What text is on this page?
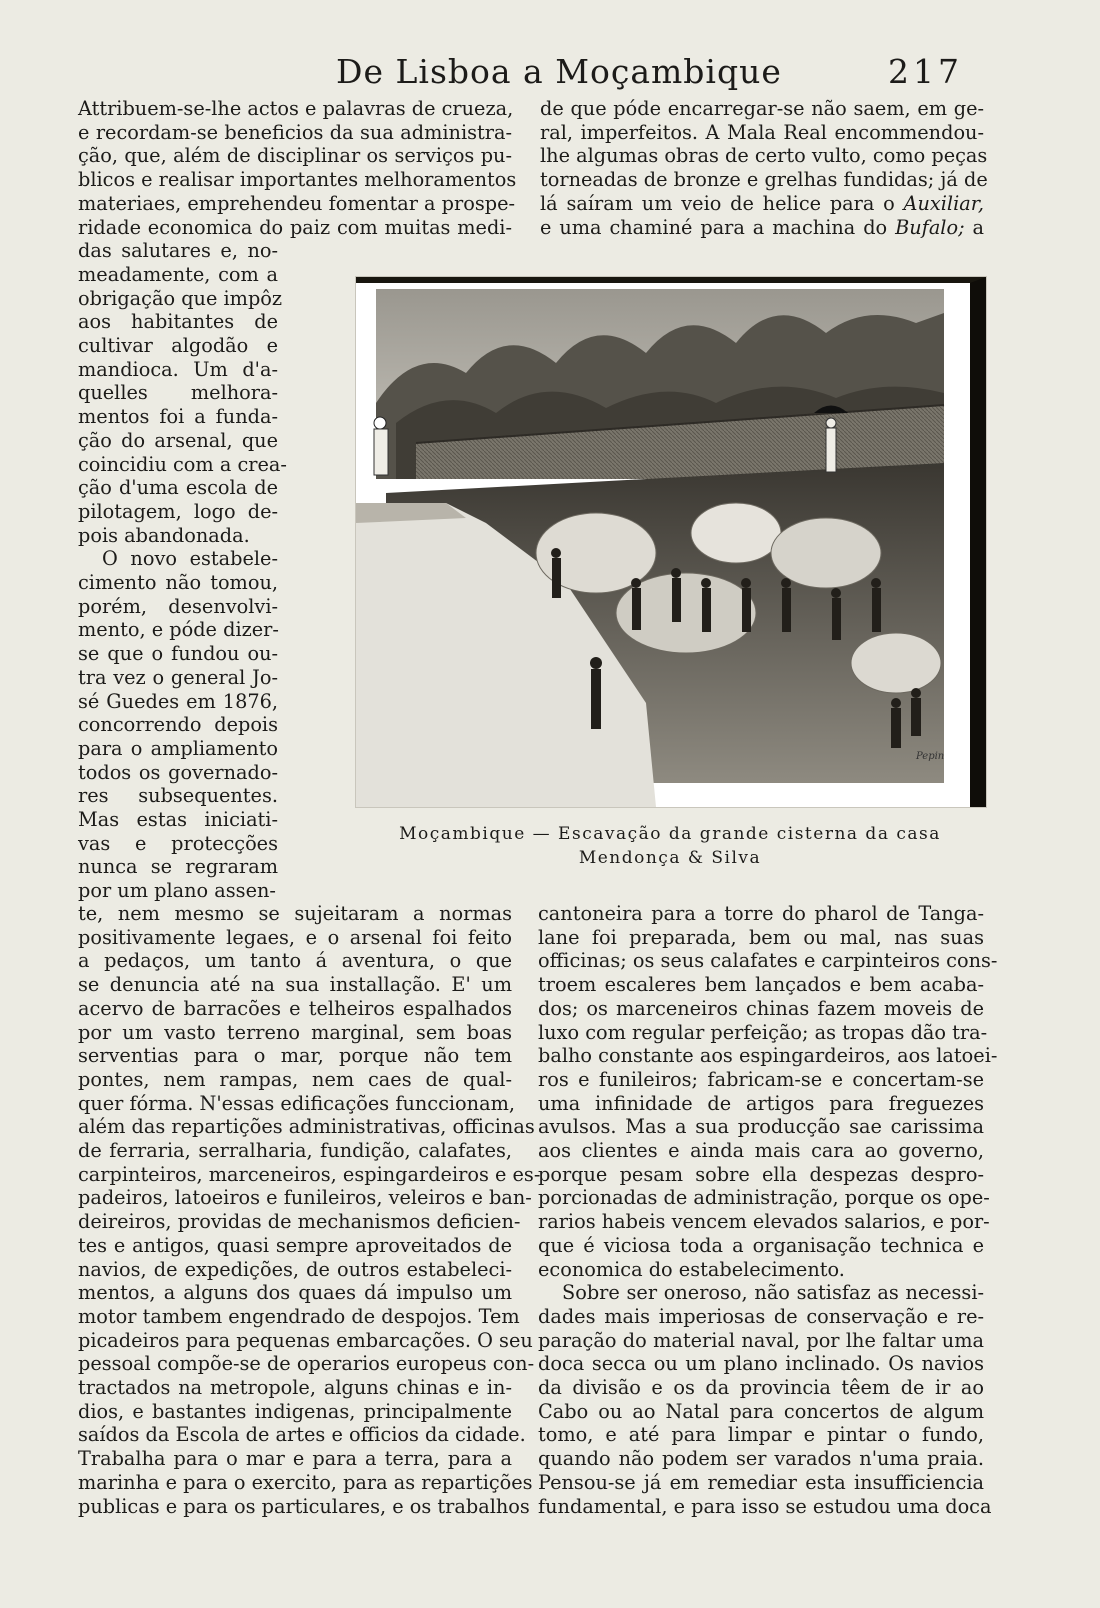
De Lisboa a Moçambique	217
Attribuem-se-lhe actos e palavras de crueza,
e recordam-se beneficios da sua administra-
ção, que, além de disciplinar os serviços pu-
blicos e realisar importantes melhoramentos
materiaes, emprehendeu fomentar a prospe-
ridade economica do paiz com muitas medi-
das salutares e, no-
meadamente, com a
obrigação que impôz
aos habitantes de
cultivar algodão e
mandioca. Um d'a-
quelles melhora-
mentos foi a funda-
ção do arsenal, que
coincidiu com a crea-
ção d'uma escola de
pilotagem, logo de-
pois abandonada.
O novo estabele-
cimento não tomou,
porém, desenvolvi-
mento, e póde dizer-
se que o fundou ou-
tra vez o general Jo-
sé Guedes em 1876,
concorrendo depois
para o ampliamento
todos os governado-
res subsequentes.
Mas estas iniciati-
vas e protecções
nunca se regraram
por um plano assen-
te, nem mesmo se sujeitaram a normas
positivamente legaes, e o arsenal foi feito
a pedaços, um tanto á aventura, o que
se denuncia até na sua installação. E' um
acervo de barracões e telheiros espalhados
por um vasto terreno marginal, sem boas
serventias para o mar, porque não tem
pontes, nem rampas, nem caes de qual-
quer fórma. N'essas edificações funccionam,
além das repartições administrativas, officinas
de ferraria, serralharia, fundição, calafates,
carpinteiros, marceneiros, espingardeiros e es-
padeiros, latoeiros e funileiros, veleiros e ban-
deireiros, providas de mechanismos deficien-
tes e antigos, quasi sempre aproveitados de
navios, de expedições, de outros estabeleci-
mentos, a alguns dos quaes dá impulso um
motor tambem engendrado de despojos. Tem
picadeiros para pequenas embarcações. O seu
pessoal compõe-se de operarios europeus con-
tractados na metropole, alguns chinas e in-
dios, e bastantes indigenas, principalmente
saídos da Escola de artes e officios da cidade.
Trabalha para o mar e para a terra, para a
marinha e para o exercito, para as repartições
publicas e para os particulares, e os trabalhos
de que póde encarregar-se não saem, em ge-
ral, imperfeitos. A Mala Real encommendou-
lhe algumas obras de certo vulto, como peças
torneadas de bronze e grelhas fundidas; já de
lá saíram um veio de helice para o Auxiliar,
e uma chaminé para a machina do Bufalo; a
cantoneira para a torre do pharol de Tanga-
lane foi preparada, bem ou mal, nas suas
officinas; os seus calafates e carpinteiros cons-
troem escaleres bem lançados e bem acaba-
dos; os marceneiros chinas fazem moveis de
luxo com regular perfeição; as tropas dão tra-
balho constante aos espingardeiros, aos latoei-
ros e funileiros; fabricam-se e concertam-se
uma infinidade de artigos para freguezes
avulsos. Mas a sua producção sae carissima
aos clientes e ainda mais cara ao governo,
porque pesam sobre ella despezas despro-
porcionadas de administração, porque os ope-
rarios habeis vencem elevados salarios, e por-
que é viciosa toda a organisação technica e
economica do estabelecimento.
Sobre ser oneroso, não satisfaz as necessi-
dades mais imperiosas de conservação e re-
paração do material naval, por lhe faltar uma
doca secca ou um plano inclinado. Os navios
da divisão e os da provincia têem de ir ao
Cabo ou ao Natal para concertos de algum
tomo, e até para limpar e pintar o fundo,
quando não podem ser varados n'uma praia.
Pensou-se já em remediar esta insufficiencia
fundamental, e para isso se estudou uma doca
Pepin
Moçambique — Escavação da grande cisterna da casa
Mendonça & Silva
